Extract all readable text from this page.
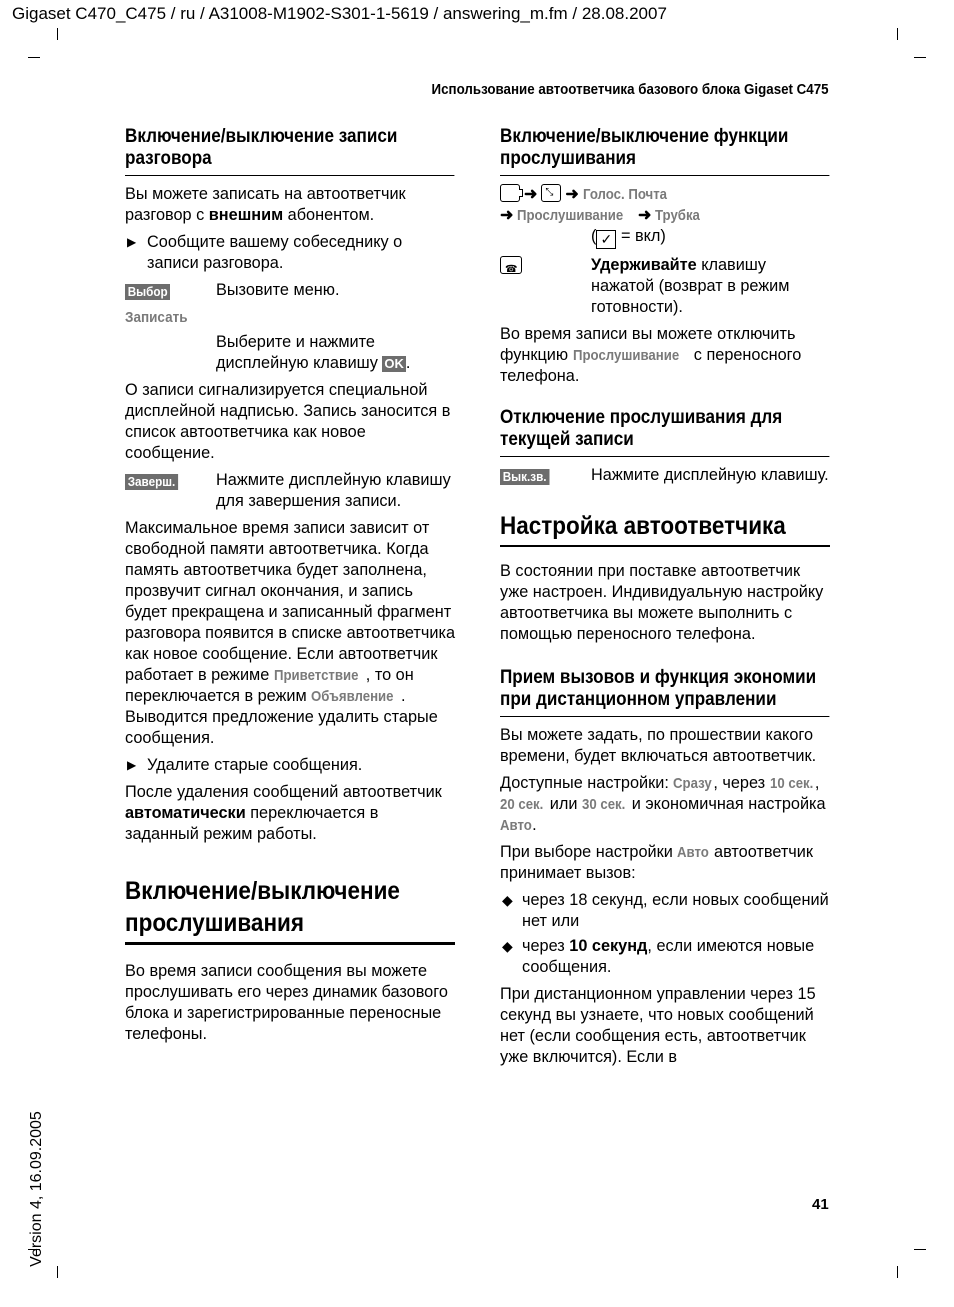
Gigaset C470_C475 / ru / A31008-M1902-S301-1-5619 / answering_m.fm / 28.08.2007
Использование автоответчика базового блока Gigaset C475
Включение/выключение записи разговора

Вы можете записать на автоответчик разговор с внешним абонентом.

▶ Сообщите вашему собеседнику о записи разговора.
Выбор	Вызовите меню.
Записать
Выберите и нажмите дисплейную клавишу OK .

О записи сигнализируется специальной дисплейной надписью. Запись заносится в список автоответчика как новое сообщение.

Заверш.	Нажмите дисплейную клавишу для завершения записи.

Максимальное время записи зависит от свободной памяти автоответчика. Когда память автоответчика будет заполнена, прозвучит сигнал окончания, и запись будет прекращена и записанный фрагмент разговора появится в списке автоответчика как новое сообщение. Если автоответчик работает в режиме Приветствие , то он переключается в режим Объявление . Выводится предложение удалить старые сообщения.

▶ Удалите старые сообщения.

После удаления сообщений автоответчик автоматически переключается в заданный режим работы.

Включение/выключение прослушивания

Во время записи сообщения вы можете прослушивать его через динамик базового блока и зарегистрированные переносные телефоны.

Включение/выключение функции прослушивания
➜ ⤡ ➜ Голос. Почта
➜ Прослушивание ➜ Трубка
( ✓ = вкл)
☎	Удерживайте клавишу нажатой (возврат в режим готовности).

Во время записи вы можете отключить функцию Прослушивание с переносного телефона.

Отключение прослушивания для текущей записи
Вык.зв.	Нажмите дисплейную клавишу.
Настройка автоответчика

В состоянии при поставке автоответчик уже настроен. Индивидуальную настройку автоответчика вы можете выполнить с помощью переносного телефона.

Прием вызовов и функция экономии при дистанционном управлении

Вы можете задать, по прошествии какого времени, будет включаться автоответчик.

Доступные настройки: Сразу, через 10 сек. , 20 сек. или 30 сек. и экономичная настройка Авто.

При выборе настройки Авто автоответчик принимает вызов:

◆ через 18 секунд, если новых сообщений нет или
◆ через 10 секунд, если имеются новые сообщения.

При дистанционном управлении через 15 секунд вы узнаете, что новых сообщений нет (если сообщения есть, автоответчик уже включится). Если в

41
Version 4, 16.09.2005
